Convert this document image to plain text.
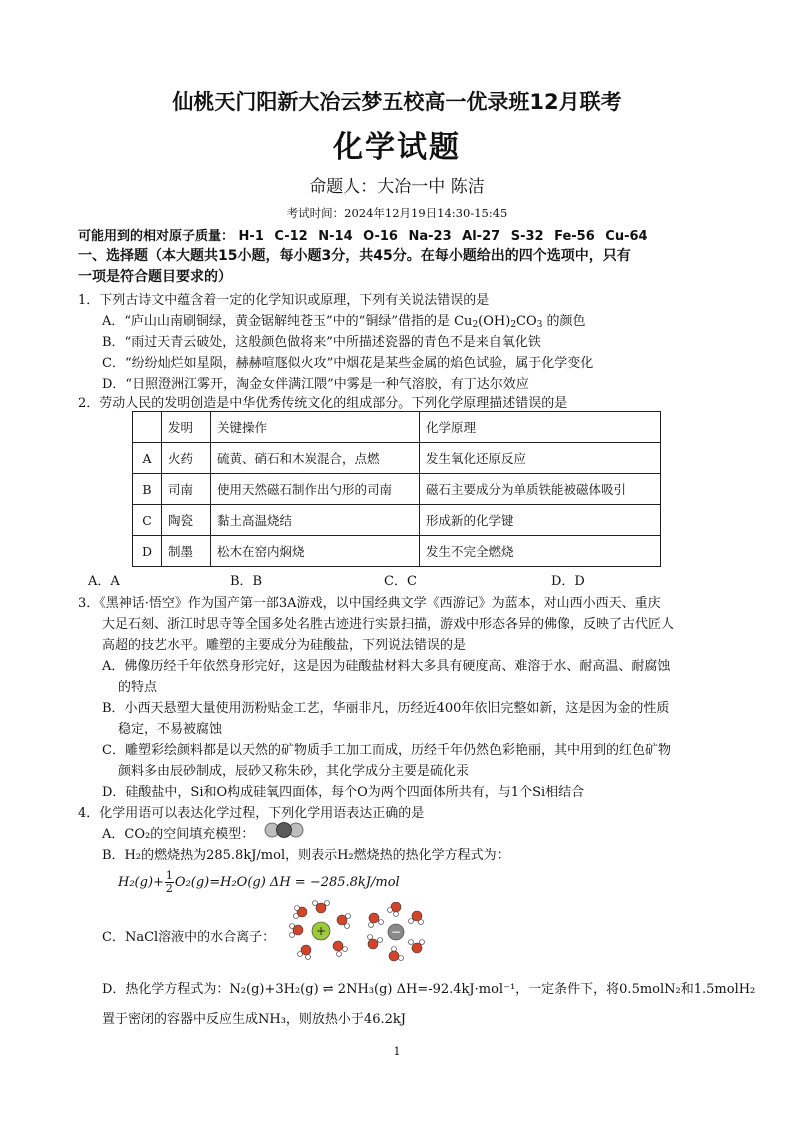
仙桃天门阳新大冶云梦五校高一优录班12月联考
化学试题
命题人：大冶一中 陈洁
考试时间：2024年12月19日14:30-15:45
可能用到的相对原子质量： H-1 C-12 N-14 O-16 Na-23 Al-27 S-32 Fe-56 Cu-64
一、选择题（本大题共15小题，每小题3分，共45分。在每小题给出的四个选项中，只有
一项是符合题目要求的）
1．下列古诗文中蕴含着一定的化学知识或原理，下列有关说法错误的是
A．“庐山山南刷铜绿，黄金锯解纯苍玉”中的“铜绿”借指的是 $Cu_2(OH)_2CO_3$ 的颜色
B．“雨过天青云破处，这般颜色做将来”中所描述瓷器的青色不是来自氧化铁
C．“纷纷灿烂如星陨，赫赫喧豗似火攻”中烟花是某些金属的焰色试验，属于化学变化
D．“日照澄洲江雾开，淘金女伴满江隈”中雾是一种气溶胶，有丁达尔效应
2．劳动人民的发明创造是中华优秀传统文化的组成部分。下列化学原理描述错误的是
	发明	关键操作	化学原理
A	火药	硫黄、硝石和木炭混合，点燃	发生氧化还原反应
B	司南	使用天然磁石制作出勺形的司南	磁石主要成分为单质铁能被磁体吸引
C	陶瓷	黏土高温烧结	形成新的化学键
D	制墨	松木在窑内焖烧	发生不完全燃烧
A．A	B．B	C．C	D．D
3．《黑神话·悟空》作为国产第一部3A游戏，以中国经典文学《西游记》为蓝本，对山西小西天、重庆
大足石刻、浙江时思寺等全国多处名胜古迹进行实景扫描，游戏中形态各异的佛像，反映了古代匠人
高超的技艺水平。雕塑的主要成分为硅酸盐，下列说法错误的是
A．佛像历经千年依然身形完好，这是因为硅酸盐材料大多具有硬度高、难溶于水、耐高温、耐腐蚀
的特点
B．小西天悬塑大量使用沥粉贴金工艺，华丽非凡，历经近400年依旧完整如新，这是因为金的性质
稳定，不易被腐蚀
C．雕塑彩绘颜料都是以天然的矿物质手工加工而成，历经千年仍然色彩艳丽，其中用到的红色矿物
颜料多由辰砂制成，辰砂又称朱砂，其化学成分主要是硫化汞
D．硅酸盐中，Si和O构成硅氧四面体，每个O为两个四面体所共有，与1个Si相结合
4．化学用语可以表达化学过程，下列化学用语表达正确的是
A．CO₂的空间填充模型：
B．H₂的燃烧热为285.8kJ/mol，则表示H₂燃烧热的热化学方程式为：
$H_2(g)+ \frac{1}{2} O_2(g)=H_2O(g) \Delta H = -285.8kJ/mol$
C．NaCl溶液中的水合离子：	+	−
D．热化学方程式为：N₂(g)+3H₂(g) ⇌ 2NH₃(g) ΔH=-92.4kJ·mol⁻¹，一定条件下，将0.5molN₂和1.5molH₂
置于密闭的容器中反应生成NH₃，则放热小于46.2kJ
1
